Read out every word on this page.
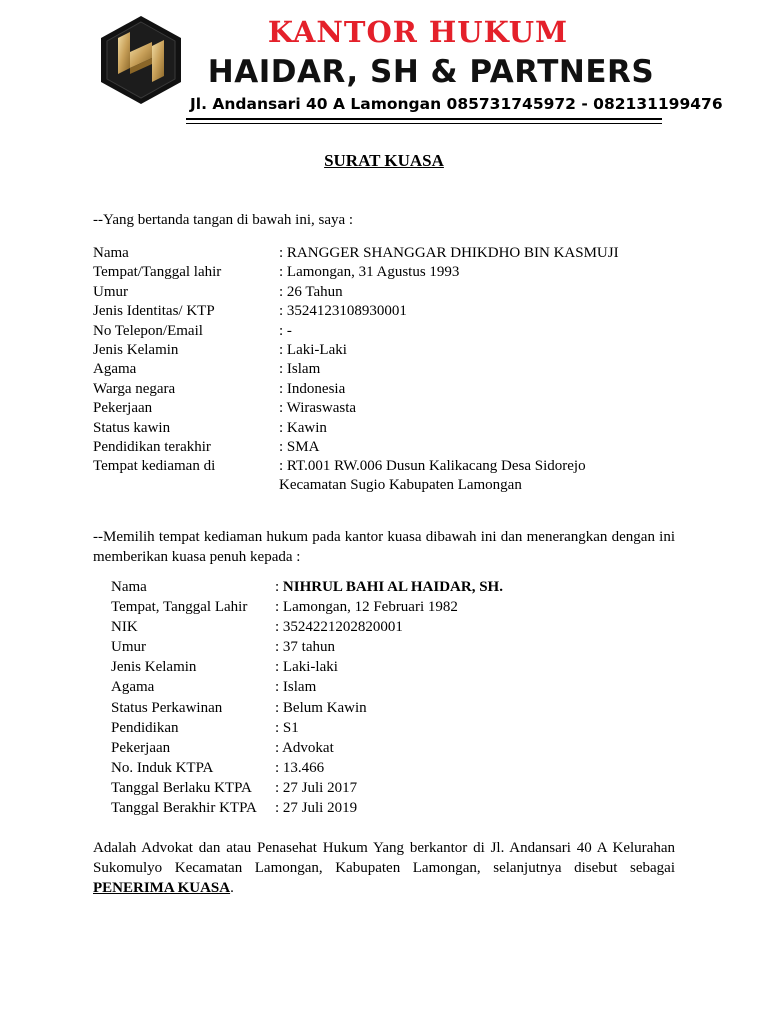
KANTOR HUKUM
HAIDAR, SH & PARTNERS
Jl. Andansari 40 A Lamongan 085731745972 - 082131199476
SURAT KUASA
--Yang bertanda tangan di bawah ini, saya :
Nama	: RANGGER SHANGGAR DHIKDHO BIN KASMUJI
Tempat/Tanggal lahir	: Lamongan, 31 Agustus 1993
Umur	: 26 Tahun
Jenis Identitas/ KTP	: 3524123108930001
No Telepon/Email	: -
Jenis Kelamin	: Laki-Laki
Agama	: Islam
Warga negara	: Indonesia
Pekerjaan	: Wiraswasta
Status kawin	: Kawin
Pendidikan terakhir	: SMA
Tempat kediaman di	: RT.001 RW.006 Dusun Kalikacang Desa Sidorejo
Kecamatan Sugio Kabupaten Lamongan
--Memilih tempat kediaman hukum pada kantor kuasa dibawah ini dan menerangkan dengan ini memberikan kuasa penuh kepada :
Nama	: NIHRUL BAHI AL HAIDAR, SH.
Tempat, Tanggal Lahir : Lamongan, 12 Februari 1982
NIK	: 3524221202820001
Umur	: 37 tahun
Jenis Kelamin	: Laki-laki
Agama	: Islam
Status Perkawinan	: Belum Kawin
Pendidikan	: S1
Pekerjaan	: Advokat
No. Induk KTPA	: 13.466
Tanggal Berlaku KTPA : 27 Juli 2017
Tanggal Berakhir KTPA : 27 Juli 2019
Adalah Advokat dan atau Penasehat Hukum Yang berkantor di Jl. Andansari 40 A Kelurahan Sukomulyo Kecamatan Lamongan, Kabupaten Lamongan, selanjutnya disebut sebagai PENERIMA KUASA.
